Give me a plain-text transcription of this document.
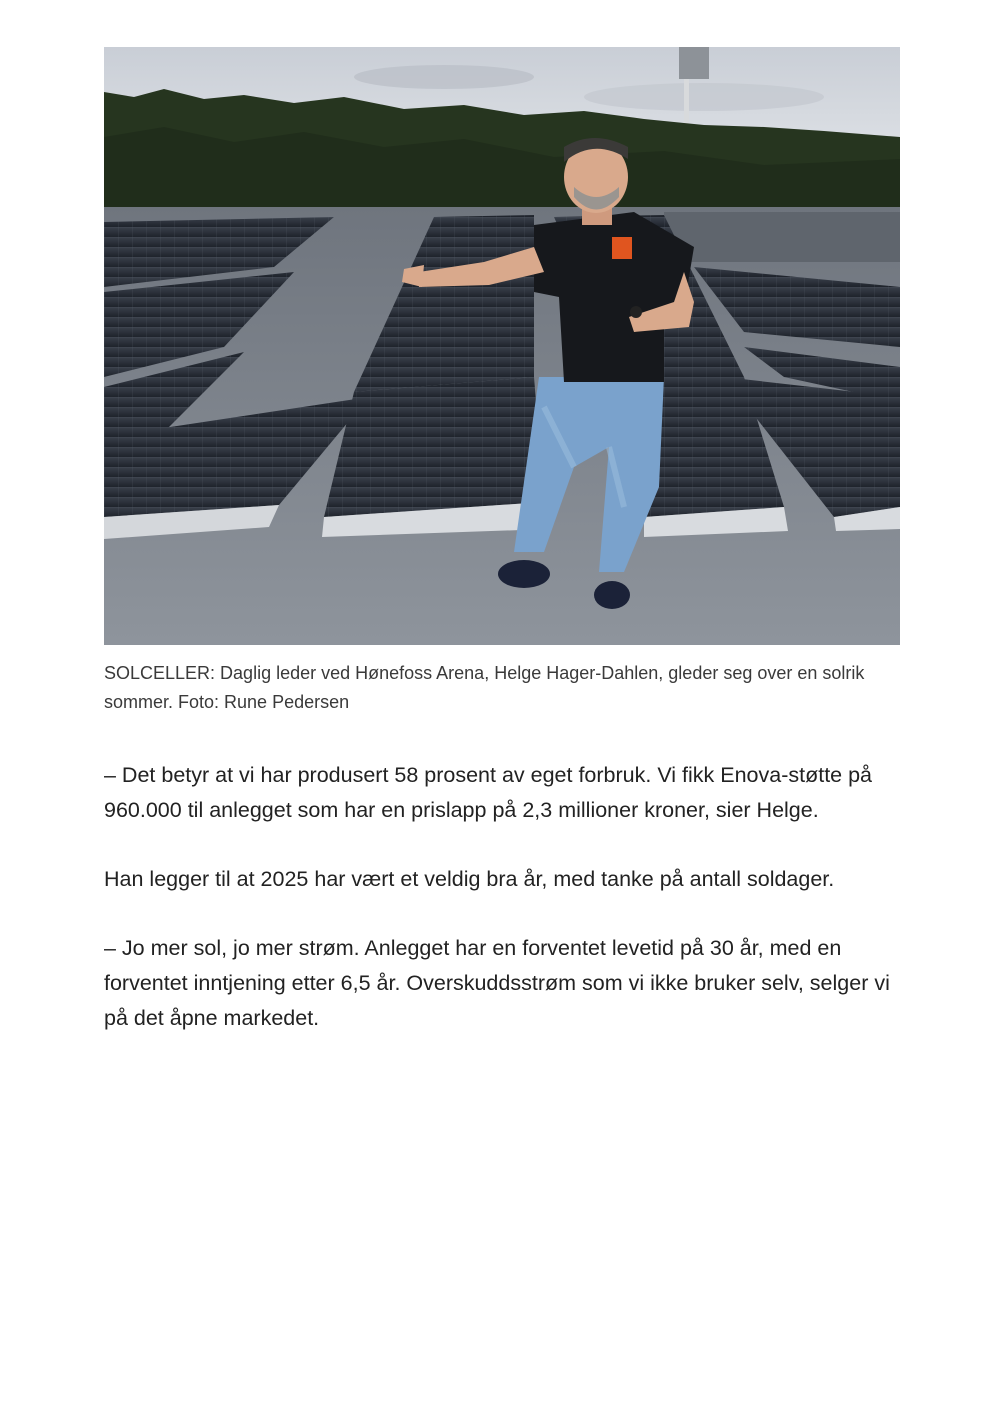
SOLCELLER: Daglig leder ved Hønefoss Arena, Helge Hager-Dahlen, gleder seg over en solrik sommer. Foto: Rune Pedersen

– Det betyr at vi har produsert 58 prosent av eget forbruk. Vi fikk Enova-støtte på 960.000 til anlegget som har en prislapp på 2,3 millioner kroner, sier Helge.

Han legger til at 2025 har vært et veldig bra år, med tanke på antall soldager.

– Jo mer sol, jo mer strøm. Anlegget har en forventet levetid på 30 år, med en forventet inntjening etter 6,5 år. Overskuddsstrøm som vi ikke bruker selv, selger vi på det åpne markedet.
